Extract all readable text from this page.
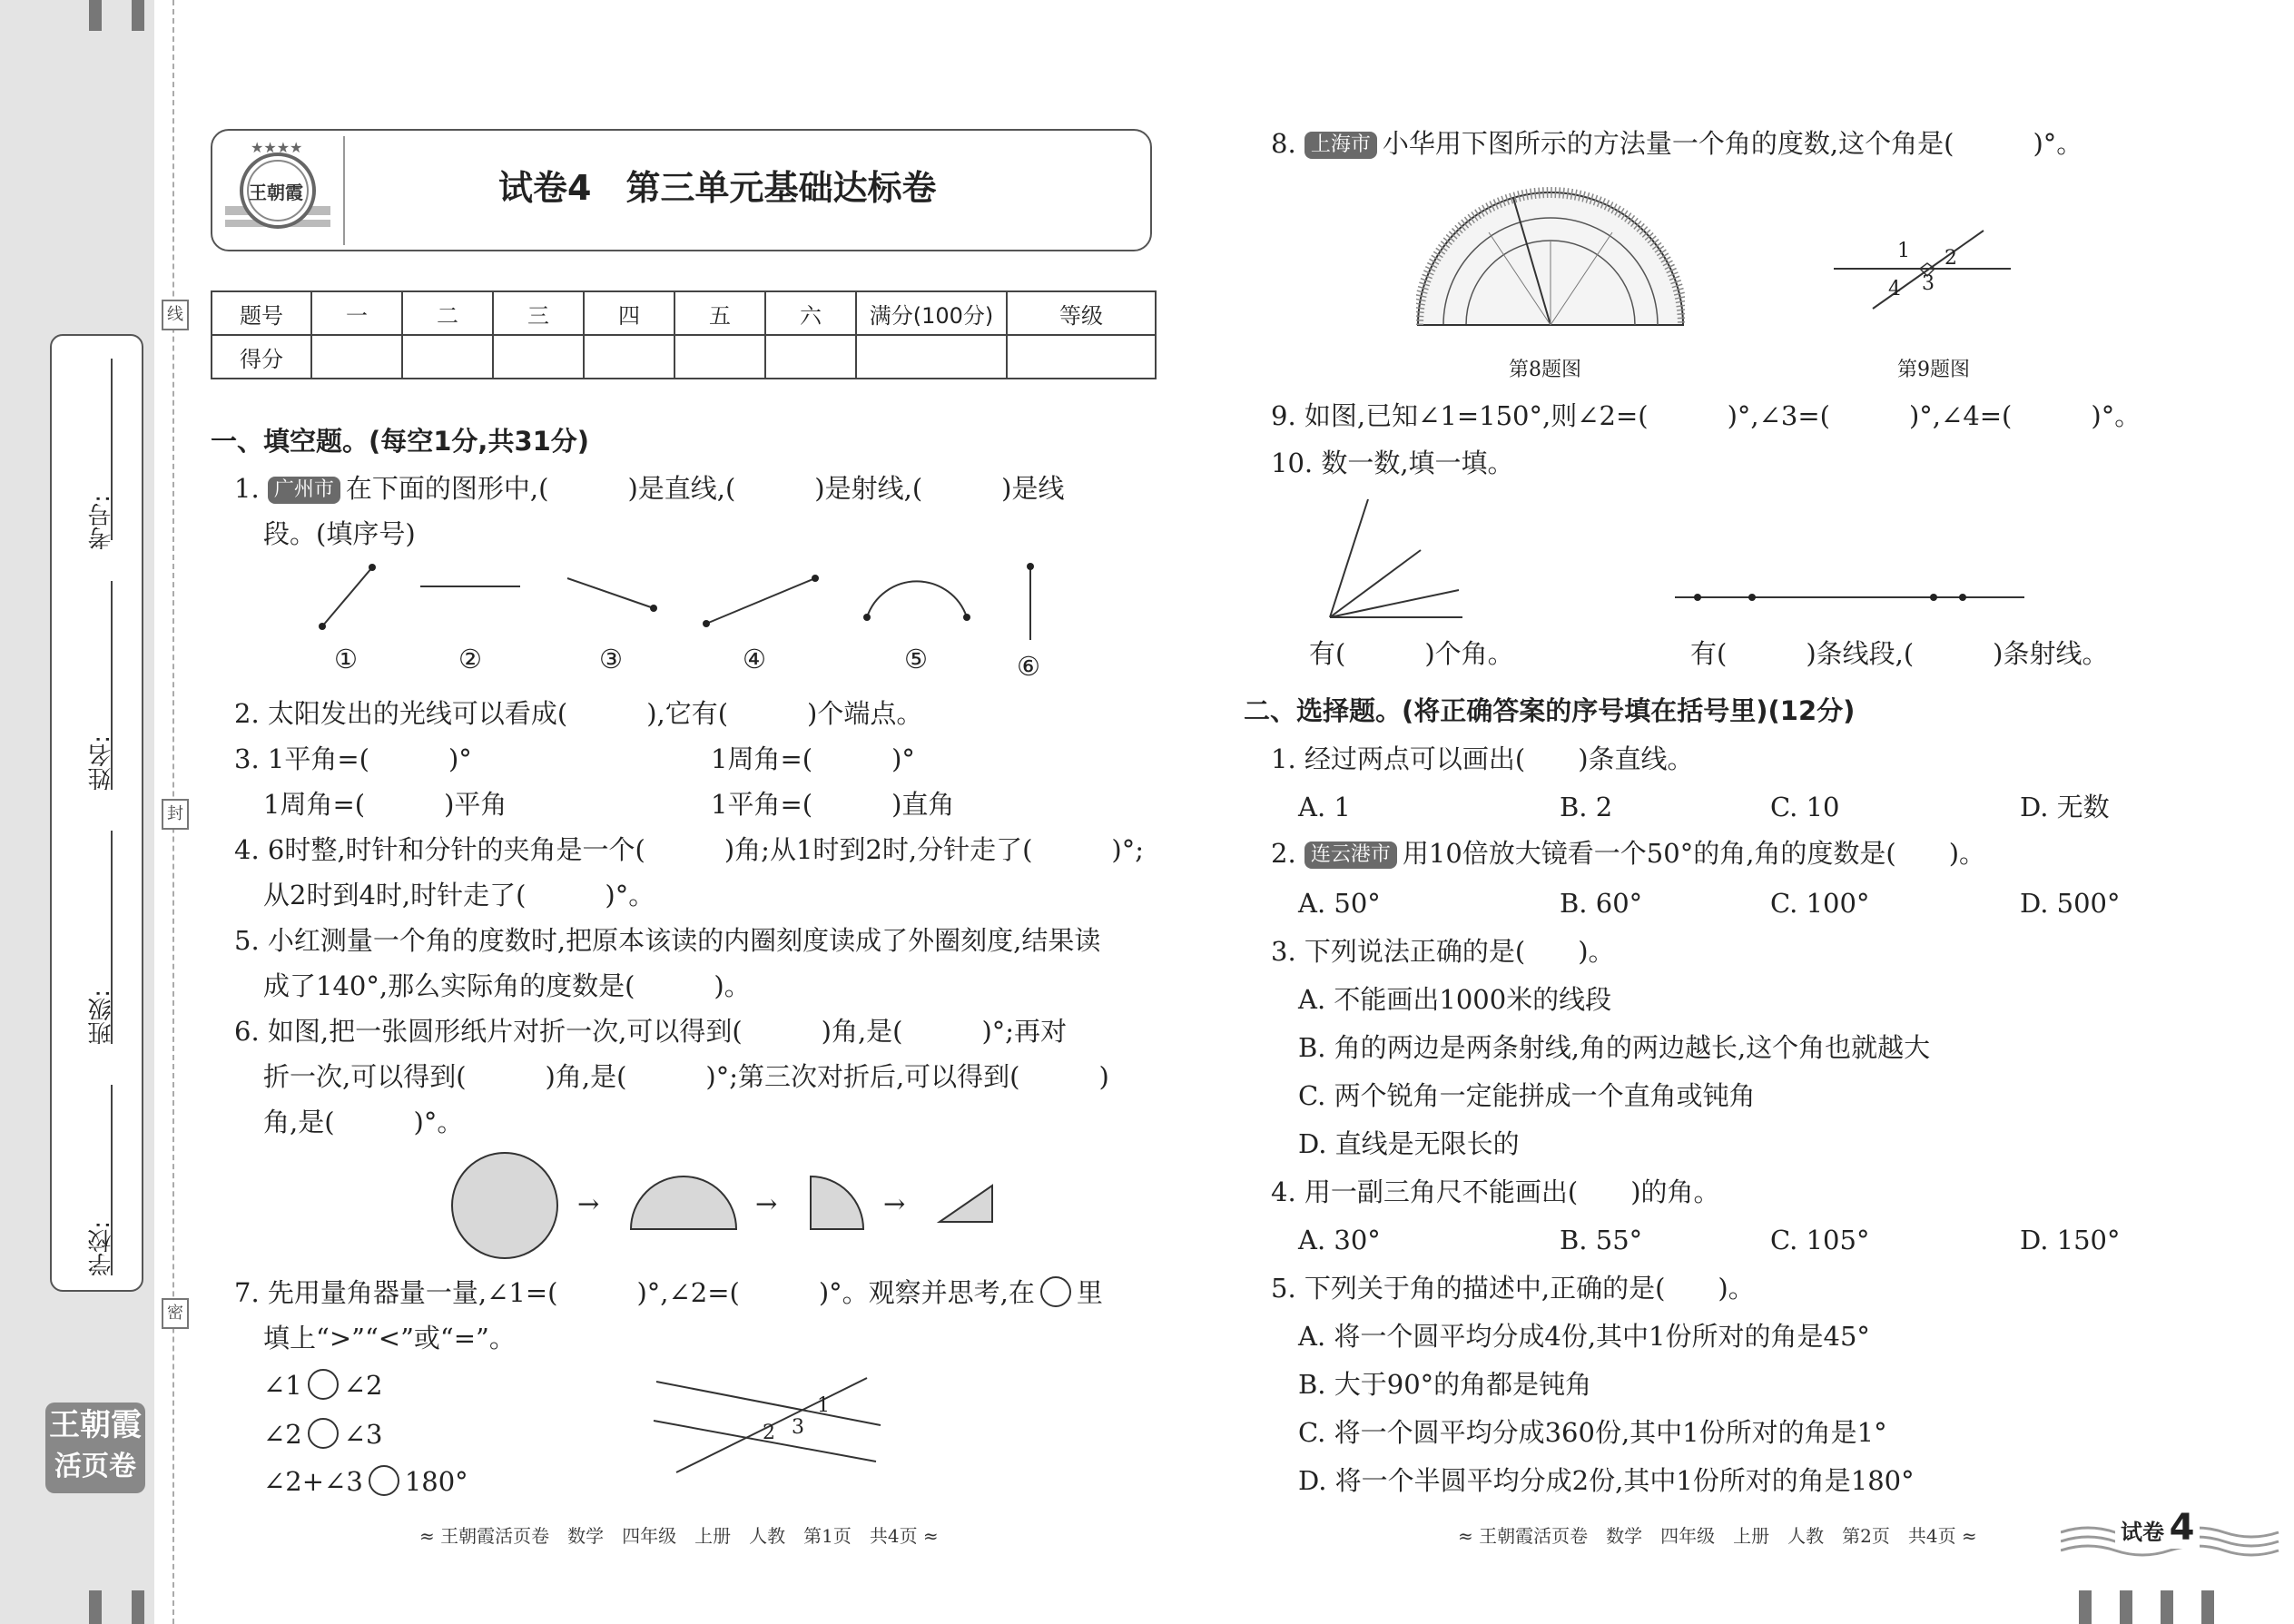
考号:
姓名:
班级:
学校:
线
封
密
王朝霞
活页卷
★★★★
王朝霞	试卷4　第三单元基础达标卷
题号	一	二	三	四	五	六	满分(100分)	等级
得分								
一、填空题。(每空1分,共31分)
1. 广州市 在下面的图形中,(　　　)是直线,(　　　)是射线,(　　　)是线
段。(填序号)
①	②	③	④	⑤	⑥
2. 太阳发出的光线可以看成(　　　),它有(　　　)个端点。
3. 1平角=(　　　)°	1周角=(　　　)°
1周角=(　　　)平角	1平角=(　　　)直角
4. 6时整,时针和分针的夹角是一个(　　　)角;从1时到2时,分针走了(　　　)°;
从2时到4时,时针走了(　　　)°。
5. 小红测量一个角的度数时,把原本该读的内圈刻度读成了外圈刻度,结果读
成了140°,那么实际角的度数是(　　　)。
6. 如图,把一张圆形纸片对折一次,可以得到(　　　)角,是(　　　)°;再对
折一次,可以得到(　　　)角,是(　　　)°;第三次对折后,可以得到(　　　)
角,是(　　　)°。
→	→	→
7. 先用量角器量一量,∠1=(　　　)°,∠2=(　　　)°。观察并思考,在 里
填上“>”“<”或“=”。
∠1 ∠2
∠2 ∠3
∠2+∠3 180°
1
2 3
≈ 王朝霞活页卷　数学　四年级　上册　人教　第1页　共4页 ≈
8. 上海市 小华用下图所示的方法量一个角的度数,这个角是(　　　)°。
第8题图
1 2
3
4
第9题图
9. 如图,已知∠1=150°,则∠2=(　　　)°,∠3=(　　　)°,∠4=(　　　)°。
10. 数一数,填一填。
有(　　　)个角。	有(　　　)条线段,(　　　)条射线。
二、选择题。(将正确答案的序号填在括号里)(12分)
1. 经过两点可以画出(　　)条直线。
A. 1	B. 2	C. 10	D. 无数
2. 连云港市 用10倍放大镜看一个50°的角,角的度数是(　　)。
A. 50°	B. 60°	C. 100°	D. 500°
3. 下列说法正确的是(　　)。
A. 不能画出1000米的线段
B. 角的两边是两条射线,角的两边越长,这个角也就越大
C. 两个锐角一定能拼成一个直角或钝角
D. 直线是无限长的
4. 用一副三角尺不能画出(　　)的角。
A. 30°	B. 55°	C. 105°	D. 150°
5. 下列关于角的描述中,正确的是(　　)。
A. 将一个圆平均分成4份,其中1份所对的角是45°
B. 大于90°的角都是钝角
C. 将一个圆平均分成360份,其中1份所对的角是1°
D. 将一个半圆平均分成2份,其中1份所对的角是180°
≈ 王朝霞活页卷　数学　四年级　上册　人教　第2页　共4页 ≈	试卷 4
